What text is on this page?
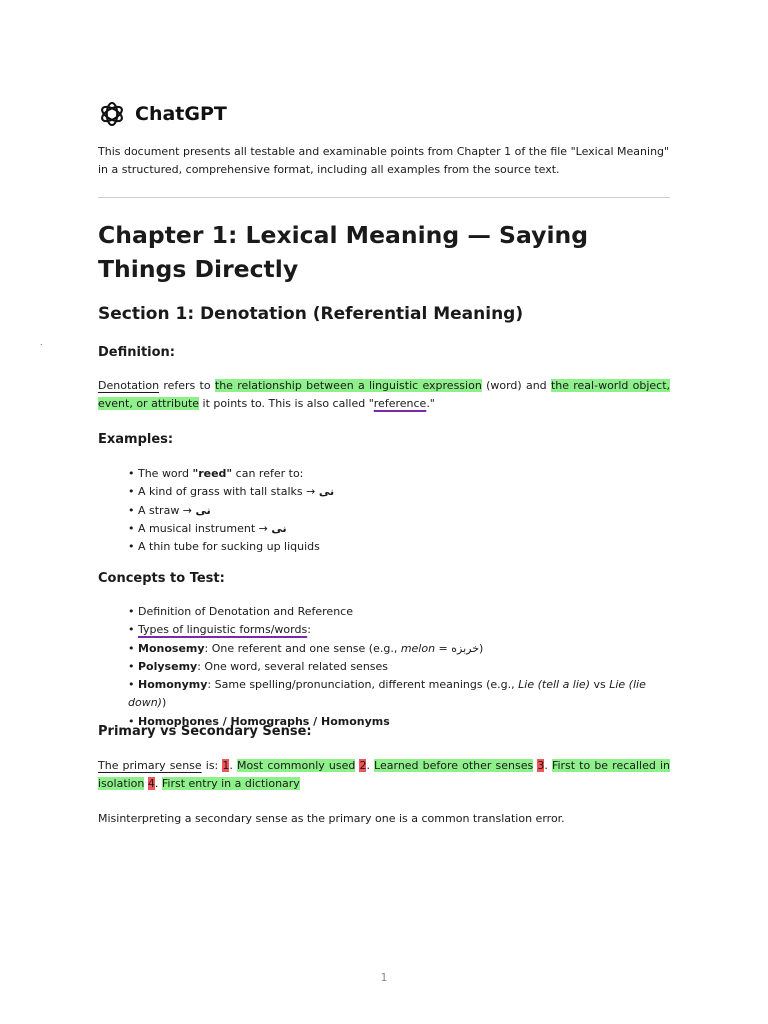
ChatGPT
This document presents all testable and examinable points from Chapter 1 of the file "Lexical Meaning" in a structured, comprehensive format, including all examples from the source text.
Chapter 1: Lexical Meaning — Saying Things Directly
Section 1: Denotation (Referential Meaning)
Definition:
Denotation refers to the relationship between a linguistic expression (word) and the real-world object, event, or attribute it points to. This is also called "reference."
Examples:
• The word "reed" can refer to:
• A kind of grass with tall stalks → نی
• A straw → نی
• A musical instrument → نی
• A thin tube for sucking up liquids
Concepts to Test:
• Definition of Denotation and Reference
• Types of linguistic forms/words:
• Monosemy: One referent and one sense (e.g., melon = خربزه)
• Polysemy: One word, several related senses
• Homonymy: Same spelling/pronunciation, different meanings (e.g., Lie (tell a lie) vs Lie (lie down))
• Homophones / Homographs / Homonyms
Primary vs Secondary Sense:
The primary sense is: 1. Most commonly used 2. Learned before other senses 3. First to be recalled in isolation 4. First entry in a dictionary
Misinterpreting a secondary sense as the primary one is a common translation error.
.
1
